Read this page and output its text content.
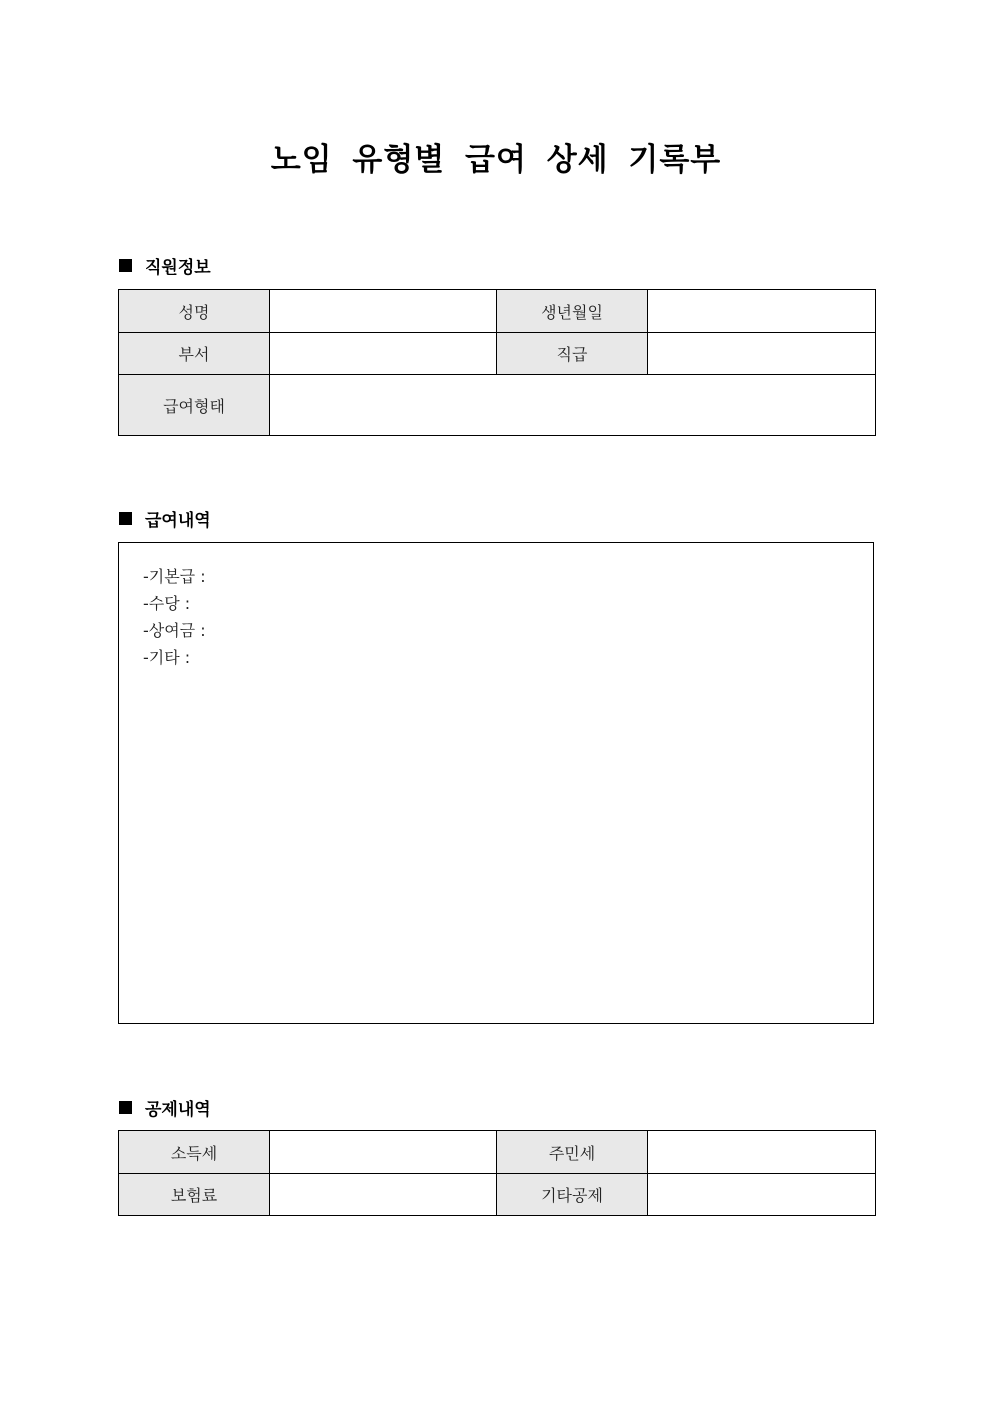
노임 유형별 급여 상세 기록부
직원정보
성명		생년월일	
부서		직급	
급여형태			
급여내역
-기본급 :
-수당 :
-상여금 :
-기타 :
공제내역
소득세		주민세	
보험료		기타공제	
